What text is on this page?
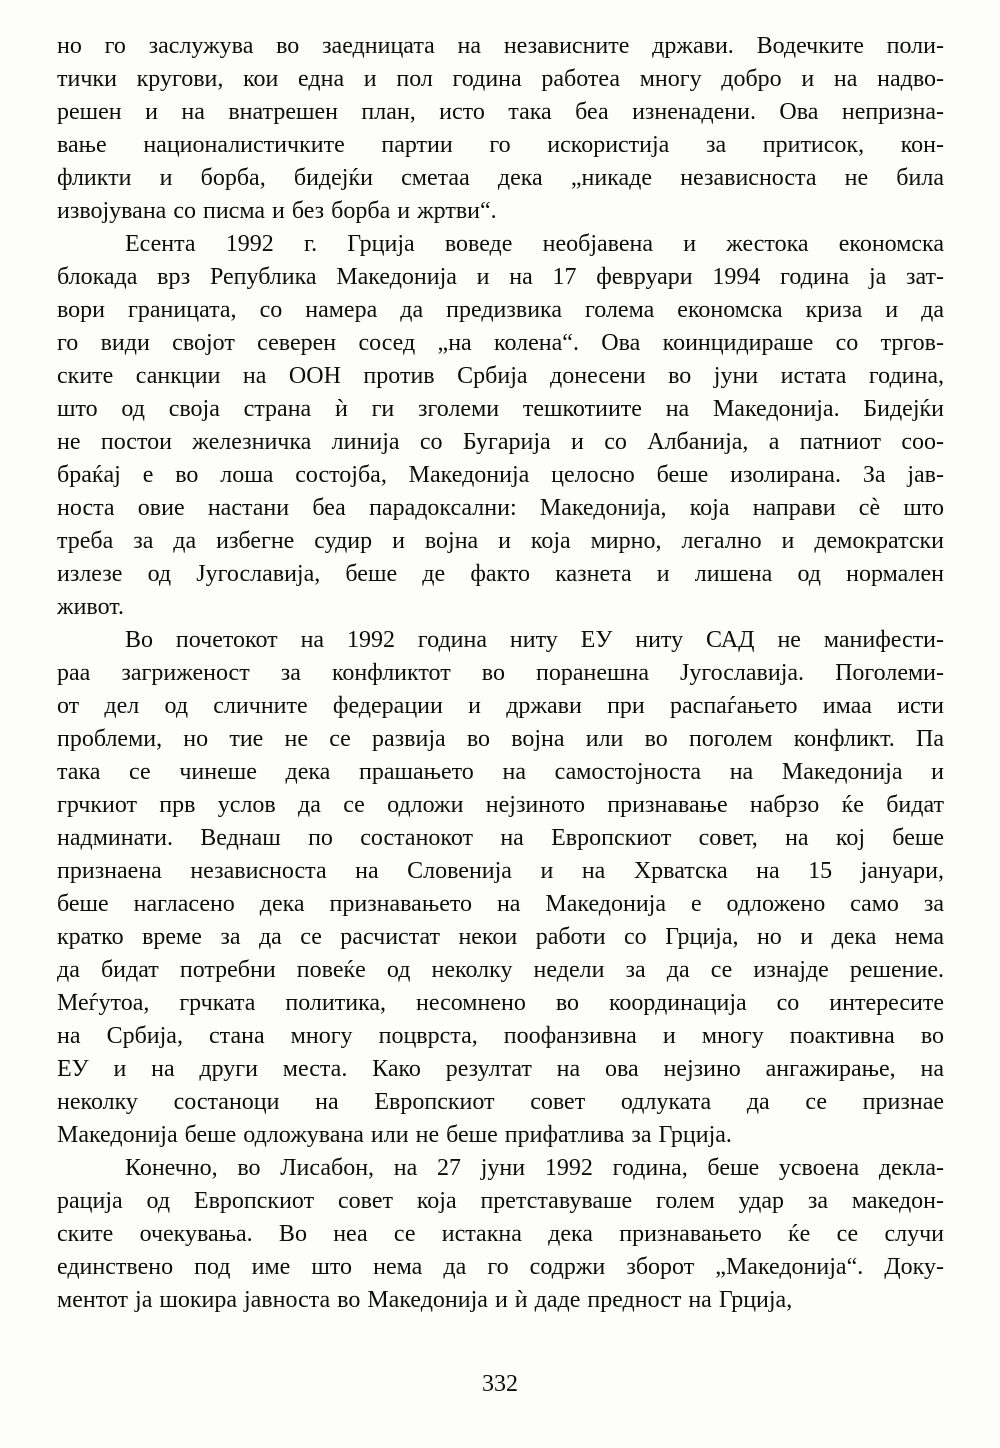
но го заслужува во заедницата на независните држави. Водечките поли-
тички кругови, кои една и пол година работеа многу добро и на надво-
решен и на внатрешен план, исто така беа изненадени. Ова непризна-
вање националистичките партии го искористија за притисок, кон-
фликти и борба, бидејќи сметаа дека „никаде независноста не била
извојувана со писма и без борба и жртви“.
Есента 1992 г. Грција воведе необјавена и жестока економска
блокада врз Република Македонија и на 17 февруари 1994 година ја зат-
вори границата, со намера да предизвика голема економска криза и да
го види својот северен сосед „на колена“. Ова коинцидираше со тргов-
ските санкции на ООН против Србија донесени во јуни истата година,
што од своја страна ѝ ги зголеми тешкотиите на Македонија. Бидејќи
не постои железничка линија со Бугарија и со Албанија, а патниот соо-
браќај е во лоша состојба, Македонија целосно беше изолирана. За јав-
носта овие настани беа парадоксални: Македонија, која направи сè што
треба за да избегне судир и војна и која мирно, легално и демократски
излезе од Југославија, беше де факто казнета и лишена од нормален
живот.
Во почетокот на 1992 година ниту ЕУ ниту САД не манифести-
раа загриженост за конфликтот во поранешна Југославија. Поголеми-
от дел од сличните федерации и држави при распаѓањето имаа исти
проблеми, но тие не се развија во војна или во поголем конфликт. Па
така се чинеше дека прашањето на самостојноста на Македонија и
грчкиот прв услов да се одложи нејзиното признавање набрзо ќе бидат
надминати. Веднаш по состанокот на Европскиот совет, на кој беше
признаена независноста на Словенија и на Хрватска на 15 јануари,
беше нагласено дека признавањето на Македонија е одложено само за
кратко време за да се расчистат некои работи со Грција, но и дека нема
да бидат потребни повеќе од неколку недели за да се изнајде решение.
Меѓутоа, грчката политика, несомнено во координација со интересите
на Србија, стана многу поцврста, поофанзивна и многу поактивна во
ЕУ и на други места. Како резултат на ова нејзино ангажирање, на
неколку состаноци на Европскиот совет одлуката да се признае
Македонија беше одложувана или не беше прифатлива за Грција.
Конечно, во Лисабон, на 27 јуни 1992 година, беше усвоена декла-
рација од Европскиот совет која претставуваше голем удар за македон-
ските очекувања. Во неа се истакна дека признавањето ќе се случи
единствено под име што нема да го содржи зборот „Македонија“. Доку-
ментот ја шокира јавноста во Македонија и ѝ даде предност на Грција,
332
